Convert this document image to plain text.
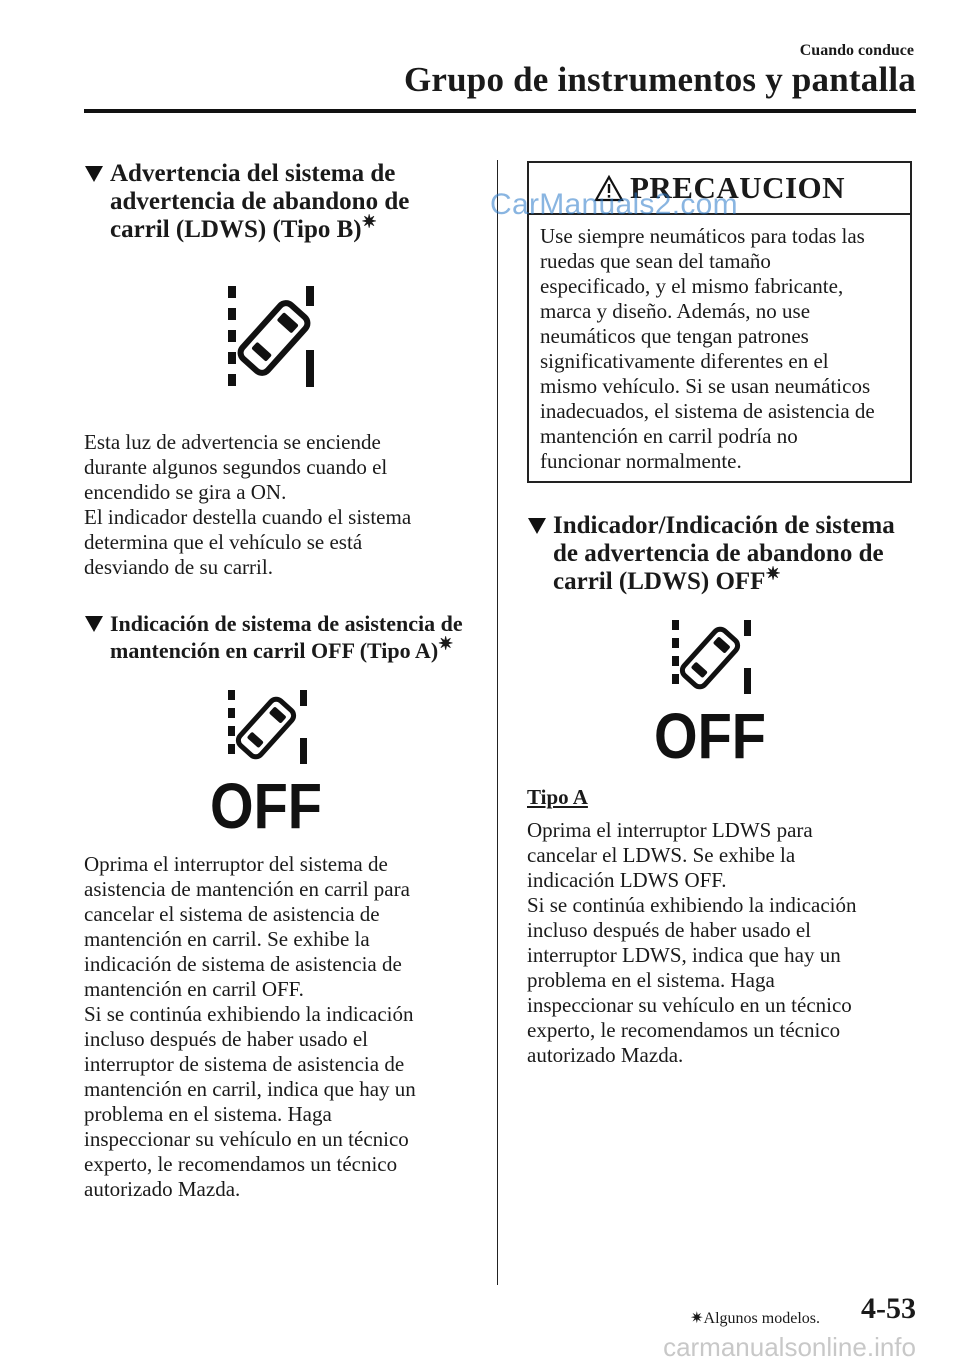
Cuando conduce
Grupo de instrumentos y pantalla
Advertencia del sistema de
advertencia de abandono de
carril (LDWS) (Tipo B)✷

Esta luz de advertencia se enciende

durante algunos segundos cuando el

encendido se gira a ON.

El indicador destella cuando el sistema

determina que el vehículo se está

desviando de su carril.

Indicación de sistema de asistencia de
mantención en carril OFF (Tipo A)✷
OFF

Oprima el interruptor del sistema de

asistencia de mantención en carril para

cancelar el sistema de asistencia de

mantención en carril. Se exhibe la

indicación de sistema de asistencia de

mantención en carril OFF.

Si se continúa exhibiendo la indicación

incluso después de haber usado el

interruptor de sistema de asistencia de

mantención en carril, indica que hay un

problema en el sistema. Haga

inspeccionar su vehículo en un técnico

experto, le recomendamos un técnico

autorizado Mazda.

PRECAUCION

Use siempre neumáticos para todas las

ruedas que sean del tamaño

especificado, y el mismo fabricante,

marca y diseño. Además, no use

neumáticos que tengan patrones

significativamente diferentes en el

mismo vehículo. Si se usan neumáticos

inadecuados, el sistema de asistencia de

mantención en carril podría no

funcionar normalmente.

CarManuals2.com
Indicador/Indicación de sistema
de advertencia de abandono de
carril (LDWS) OFF✷
OFF
Tipo A

Oprima el interruptor LDWS para

cancelar el LDWS. Se exhibe la

indicación LDWS OFF.

Si se continúa exhibiendo la indicación

incluso después de haber usado el

interruptor LDWS, indica que hay un

problema en el sistema. Haga

inspeccionar su vehículo en un técnico

experto, le recomendamos un técnico

autorizado Mazda.

✷Algunos modelos. 4-53
carmanualsonline.info
